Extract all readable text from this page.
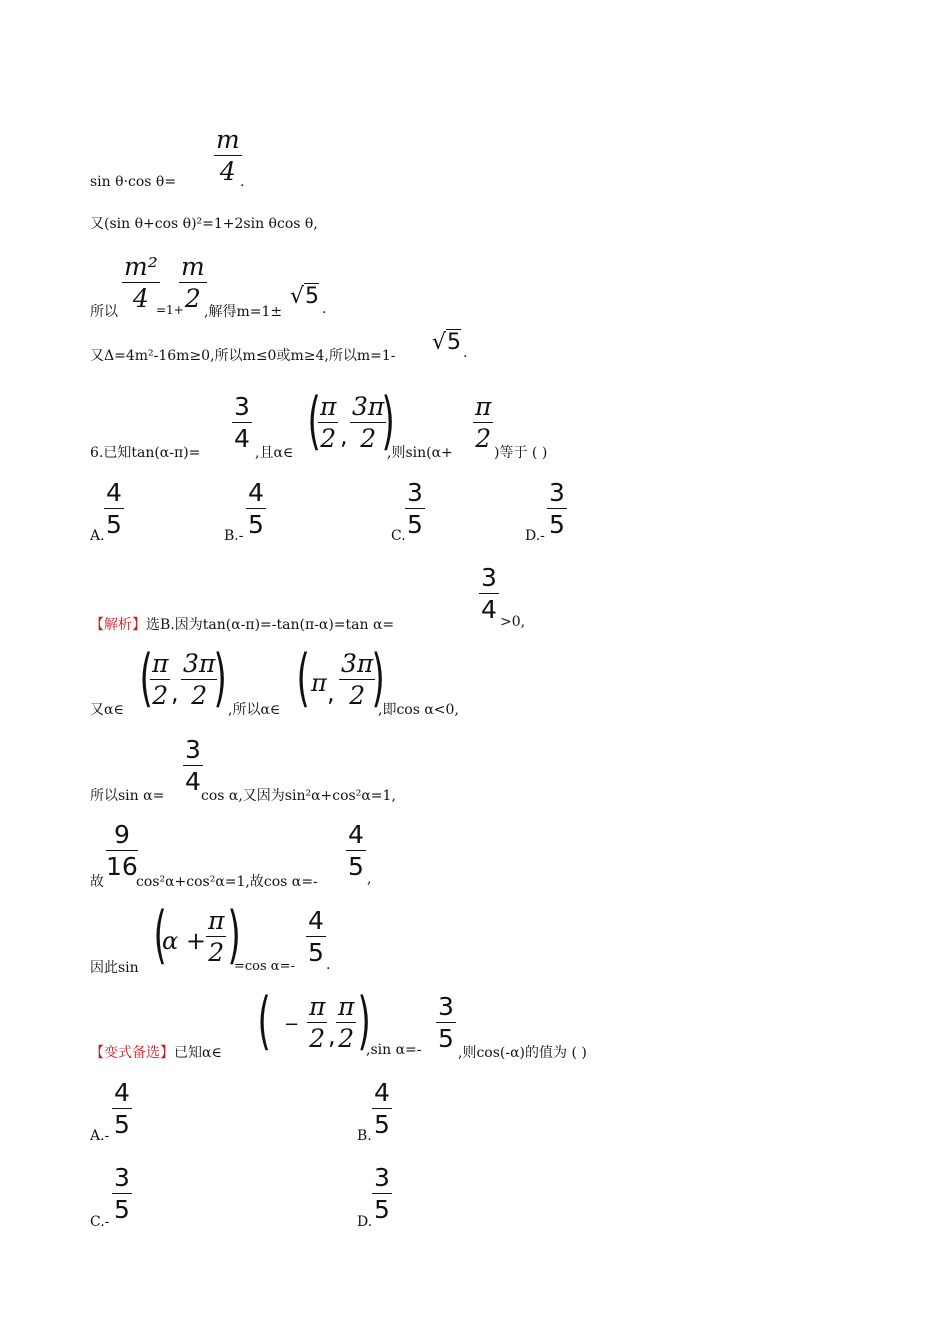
sin θ·cos θ=
m
4 .
又(sin θ+cos θ)²=1+2sin θcos θ,
所以
m²
4 =1+
m
2 ,解得m=1±
√5 .
又Δ=4m²-16m≥0,所以m≤0或m≥4,所以m=1-
√5 .
6.已知tan(α-π)=
3
4 ,且α∈ ( π
2 ,
3π
2 )
,则sin(α+
π
2 )等于 ( )
A.
4
5	B.-
4
5	C.
3
5	D.-
3
5
【解析】选B.因为tan(α-π)=-tan(π-α)=tan α=
3
4 >0,
又α∈ ( π
2 ,
3π
2 ) ,所以α∈ ( π ,
3π
2 )
,即cos α<0,
所以sin α=
3
4 cos α,又因为sin²α+cos²α=1,
故
9
16
cos²α+cos²α=1,故cos α=-
4
5 ,
因此sin (
α +
π
2 )
=cos α=-
4
5 .
【变式备选】已知α∈ ( −
π
2 ,
π
2 )
,sin α=-
3
5 ,则cos(-α)的值为 ( )
A.-
4
5	B.
4
5
C.-
3
5	D.
3
5
